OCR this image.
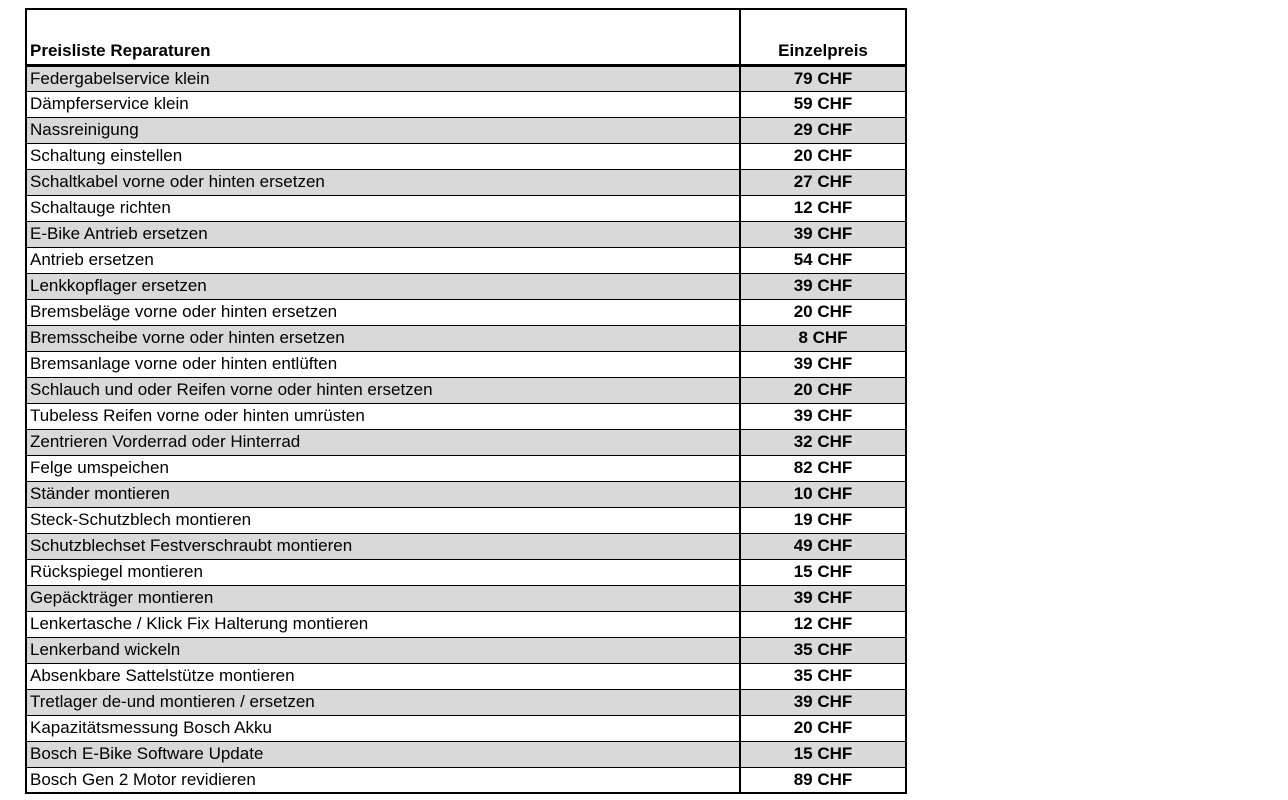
Preisliste Reparaturen	Einzelpreis
Federgabelservice klein	79 CHF
Dämpferservice klein	59 CHF
Nassreinigung	29 CHF
Schaltung einstellen	20 CHF
Schaltkabel vorne oder hinten ersetzen	27 CHF
Schaltauge richten	12 CHF
E-Bike Antrieb ersetzen	39 CHF
Antrieb ersetzen	54 CHF
Lenkkopflager ersetzen	39 CHF
Bremsbeläge vorne oder hinten ersetzen	20 CHF
Bremsscheibe vorne oder hinten ersetzen	8 CHF
Bremsanlage vorne oder hinten entlüften	39 CHF
Schlauch und oder Reifen vorne oder hinten ersetzen	20 CHF
Tubeless Reifen vorne oder hinten umrüsten	39 CHF
Zentrieren Vorderrad oder Hinterrad	32 CHF
Felge umspeichen	82 CHF
Ständer montieren	10 CHF
Steck-Schutzblech montieren	19 CHF
Schutzblechset Festverschraubt montieren	49 CHF
Rückspiegel montieren	15 CHF
Gepäckträger montieren	39 CHF
Lenkertasche / Klick Fix Halterung montieren	12 CHF
Lenkerband wickeln	35 CHF
Absenkbare Sattelstütze montieren	35 CHF
Tretlager de-und montieren / ersetzen	39 CHF
Kapazitätsmessung Bosch Akku	20 CHF
Bosch E-Bike Software Update	15 CHF
Bosch Gen 2 Motor revidieren	89 CHF
